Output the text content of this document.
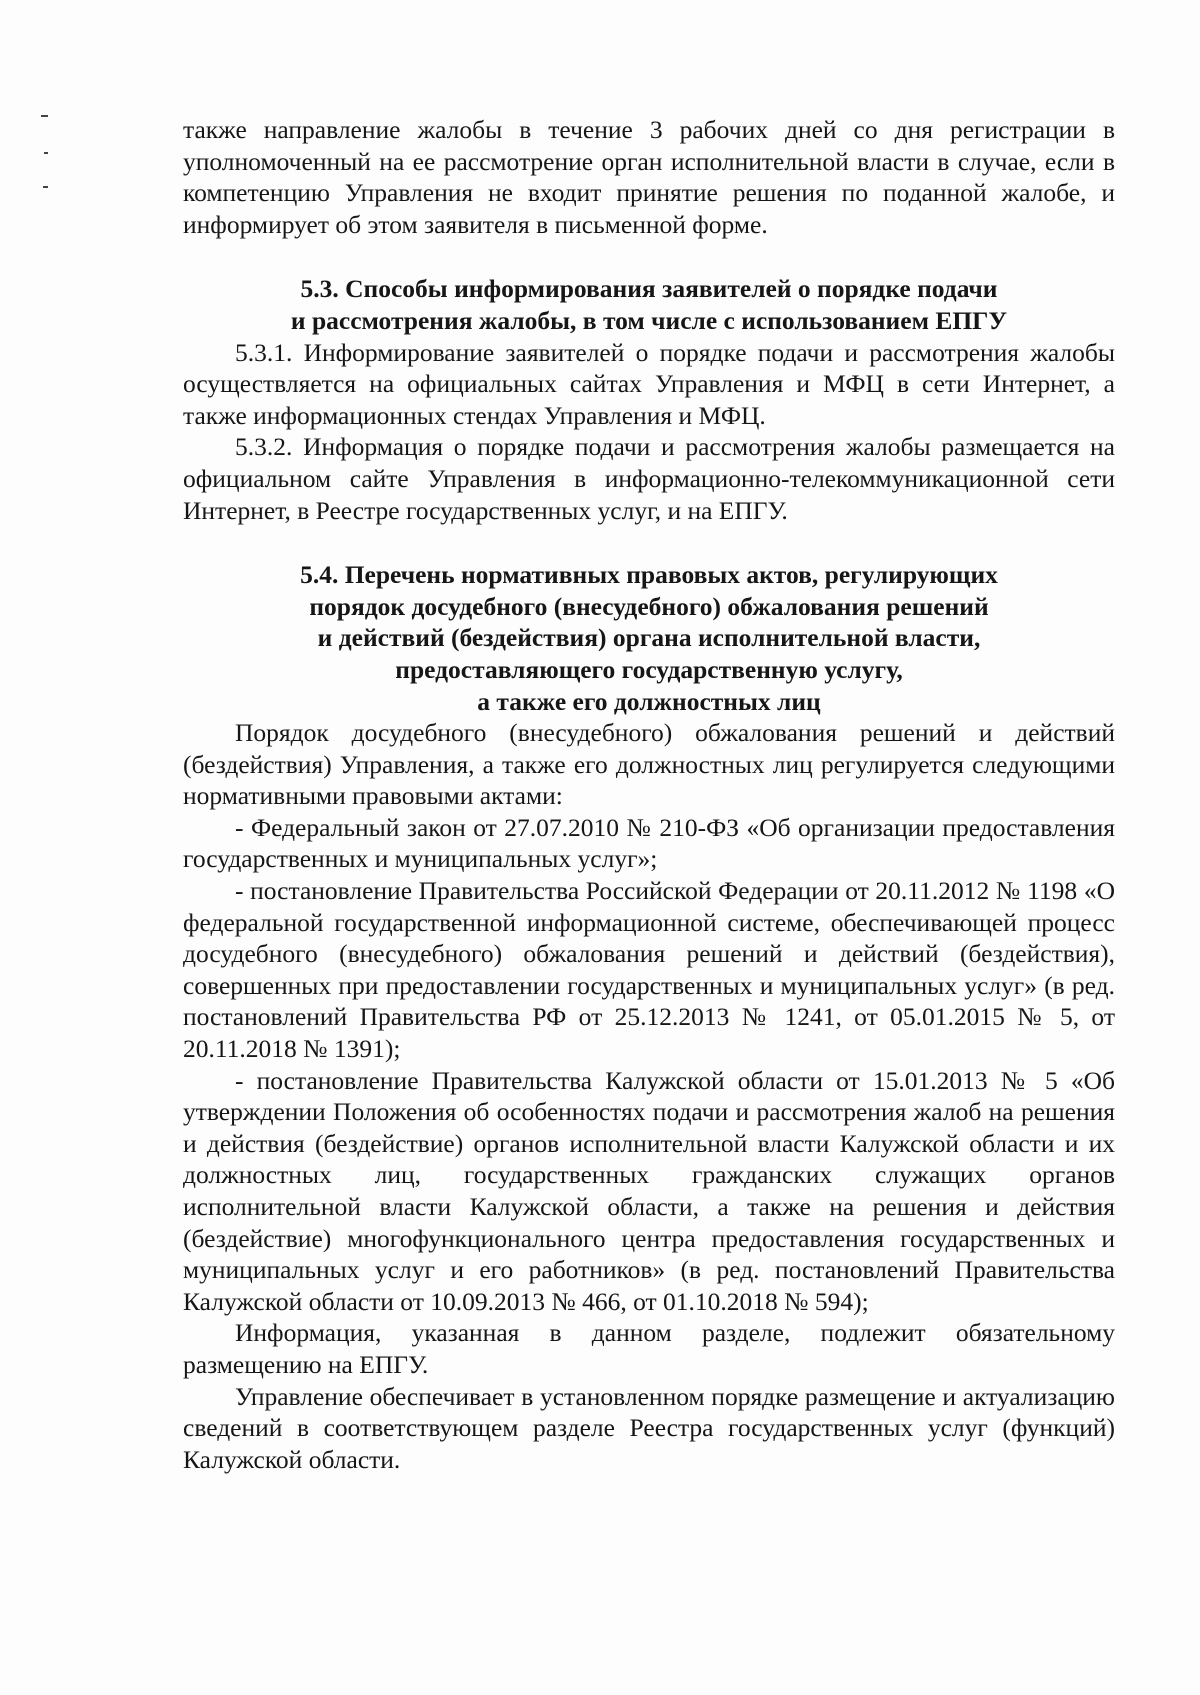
также направление жалобы в течение 3 рабочих дней со дня регистрации в уполномоченный на ее рассмотрение орган исполнительной власти в случае, если в компетенцию Управления не входит принятие решения по поданной жалобе, и информирует об этом заявителя в письменной форме.

5.3. Способы информирования заявителей о порядке подачи

и рассмотрения жалобы, в том числе с использованием ЕПГУ

5.3.1. Информирование заявителей о порядке подачи и рассмотрения жалобы осуществляется на официальных сайтах Управления и МФЦ в сети Интернет, а также информационных стендах Управления и МФЦ.

5.3.2. Информация о порядке подачи и рассмотрения жалобы размещается на официальном сайте Управления в информационно-телекоммуникационной сети Интернет, в Реестре государственных услуг, и на ЕПГУ.

5.4. Перечень нормативных правовых актов, регулирующих

порядок досудебного (внесудебного) обжалования решений

и действий (бездействия) органа исполнительной власти,

предоставляющего государственную услугу,

а также его должностных лиц

Порядок досудебного (внесудебного) обжалования решений и действий (бездействия) Управления, а также его должностных лиц регулируется следующими нормативными правовыми актами:

- Федеральный закон от 27.07.2010 № 210-ФЗ «Об организации предоставления государственных и муниципальных услуг»;

- постановление Правительства Российской Федерации от 20.11.2012 № 1198 «О федеральной государственной информационной системе, обеспечивающей процесс досудебного (внесудебного) обжалования решений и действий (бездействия), совершенных при предоставлении государственных и муниципальных услуг» (в ред. постановлений Правительства РФ от 25.12.2013 № 1241, от 05.01.2015 № 5, от 20.11.2018 № 1391);

- постановление Правительства Калужской области от 15.01.2013 № 5 «Об утверждении Положения об особенностях подачи и рассмотрения жалоб на решения и действия (бездействие) органов исполнительной власти Калужской области и их должностных лиц, государственных гражданских служащих органов исполнительной власти Калужской области, а также на решения и действия (бездействие) многофункционального центра предоставления государственных и муниципальных услуг и его работников» (в ред. постановлений Правительства Калужской области от 10.09.2013 № 466, от 01.10.2018 № 594);

Информация, указанная в данном разделе, подлежит обязательному размещению на ЕПГУ.

Управление обеспечивает в установленном порядке размещение и актуализацию сведений в соответствующем разделе Реестра государственных услуг (функций) Калужской области.
